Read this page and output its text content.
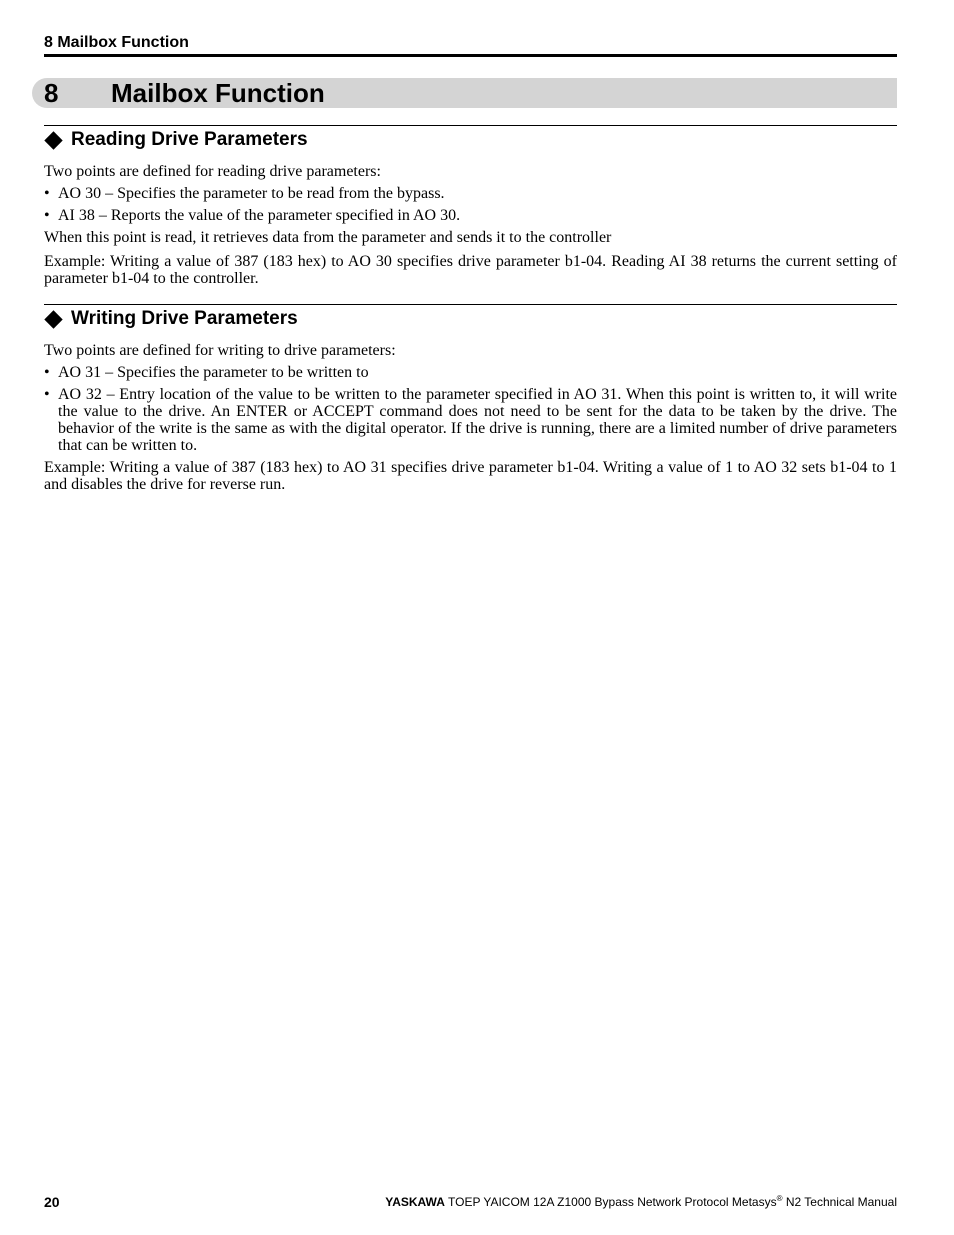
8 Mailbox Function
8 Mailbox Function
Reading Drive Parameters

Two points are defined for reading drive parameters:

• AO 30 – Specifies the parameter to be read from the bypass.
• AI 38 – Reports the value of the parameter specified in AO 30.

When this point is read, it retrieves data from the parameter and sends it to the controller

Example: Writing a value of 387 (183 hex) to AO 30 specifies drive parameter b1-04. Reading AI 38 returns the current setting of parameter b1-04 to the controller.

Writing Drive Parameters

Two points are defined for writing to drive parameters:

• AO 31 – Specifies the parameter to be written to
• AO 32 – Entry location of the value to be written to the parameter specified in AO 31. When this point is written to, it will write the value to the drive. An ENTER or ACCEPT command does not need to be sent for the data to be taken by the drive. The behavior of the write is the same as with the digital operator. If the drive is running, there are a limited number of drive parameters that can be written to.

Example: Writing a value of 387 (183 hex) to AO 31 specifies drive parameter b1-04. Writing a value of 1 to AO 32 sets b1-04 to 1 and disables the drive for reverse run.

20	YASKAWA TOEP YAICOM 12A Z1000 Bypass Network Protocol Metasys® N2 Technical Manual
